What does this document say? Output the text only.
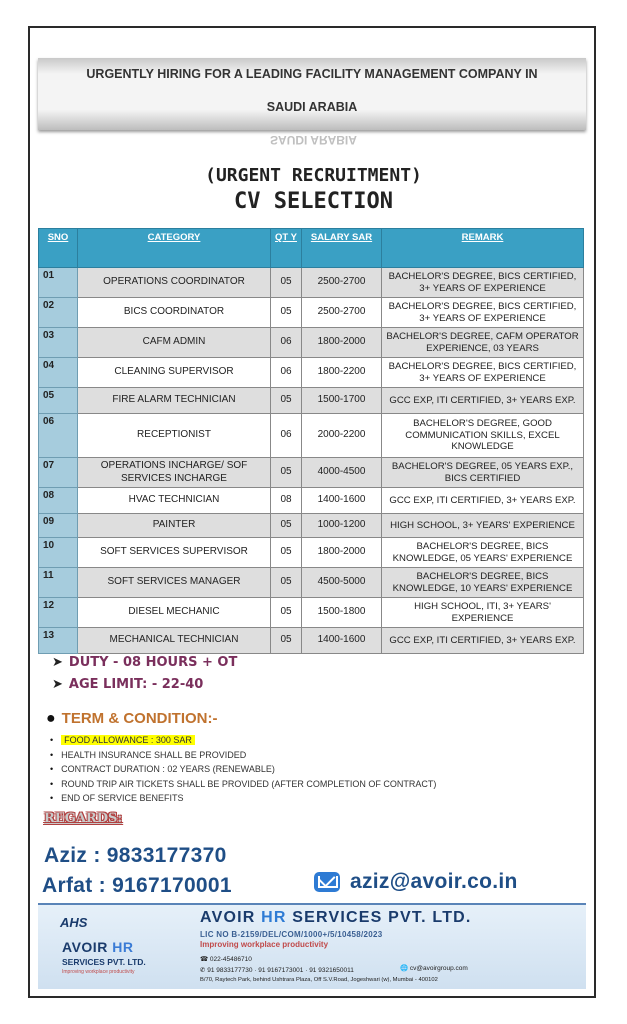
URGENTLY HIRING FOR A LEADING FACILITY MANAGEMENT COMPANY IN
SAUDI ARABIA
SAUDI ARABIA
(URGENT RECRUITMENT)
CV SELECTION
SNO	CATEGORY	QT Y	SALARY SAR	REMARK
01	OPERATIONS COORDINATOR	05	2500-2700	BACHELOR'S DEGREE, BICS CERTIFIED, 3+ YEARS OF EXPERIENCE
02	BICS COORDINATOR	05	2500-2700	BACHELOR'S DEGREE, BICS CERTIFIED, 3+ YEARS OF EXPERIENCE
03	CAFM ADMIN	06	1800-2000	BACHELOR'S DEGREE, CAFM OPERATOR EXPERIENCE, 03 YEARS
04	CLEANING SUPERVISOR	06	1800-2200	BACHELOR'S DEGREE, BICS CERTIFIED, 3+ YEARS OF EXPERIENCE
05	FIRE ALARM TECHNICIAN	05	1500-1700	GCC EXP, ITI CERTIFIED, 3+ YEARS EXP.
06	RECEPTIONIST	06	2000-2200	BACHELOR'S DEGREE, GOOD COMMUNICATION SKILLS, EXCEL KNOWLEDGE
07	OPERATIONS INCHARGE/ SOF SERVICES INCHARGE	05	4000-4500	BACHELOR'S DEGREE, 05 YEARS EXP., BICS CERTIFIED
08	HVAC TECHNICIAN	08	1400-1600	GCC EXP, ITI CERTIFIED, 3+ YEARS EXP.
09	PAINTER	05	1000-1200	HIGH SCHOOL, 3+ YEARS' EXPERIENCE
10	SOFT SERVICES SUPERVISOR	05	1800-2000	BACHELOR'S DEGREE, BICS KNOWLEDGE, 05 YEARS' EXPERIENCE
11	SOFT SERVICES MANAGER	05	4500-5000	BACHELOR'S DEGREE, BICS KNOWLEDGE, 10 YEARS' EXPERIENCE
12	DIESEL MECHANIC	05	1500-1800	HIGH SCHOOL, ITI, 3+ YEARS' EXPERIENCE
13	MECHANICAL TECHNICIAN	05	1400-1600	GCC EXP, ITI CERTIFIED, 3+ YEARS EXP.
➤ DUTY - 08 HOURS + OT
➤ AGE LIMIT: - 22-40
● TERM & CONDITION:-
• FOOD ALLOWANCE : 300 SAR
• HEALTH INSURANCE SHALL BE PROVIDED
• CONTRACT DURATION : 02 YEARS (RENEWABLE)
• ROUND TRIP AIR TICKETS SHALL BE PROVIDED (AFTER COMPLETION OF CONTRACT)
• END OF SERVICE BENEFITS
REGARDS:
Aziz : 9833177370
Arfat : 9167170001	aziz@avoir.co.in
AHS
AVOIR HR
SERVICES PVT. LTD.
Improving workplace productivity
AVOIR HR SERVICES PVT. LTD.
LIC NO B-2159/DEL/COM/1000+/5/10458/2023
Improving workplace productivity
☎ 022-45486710
✆ 91 9833177730 · 91 9167173001 · 91 9321650011	🌐 cv@avoirgroup.com
B/70, Raytech Park, behind Ushtrara Plaza, Off S.V.Road, Jogeshwari (w), Mumbai - 400102
